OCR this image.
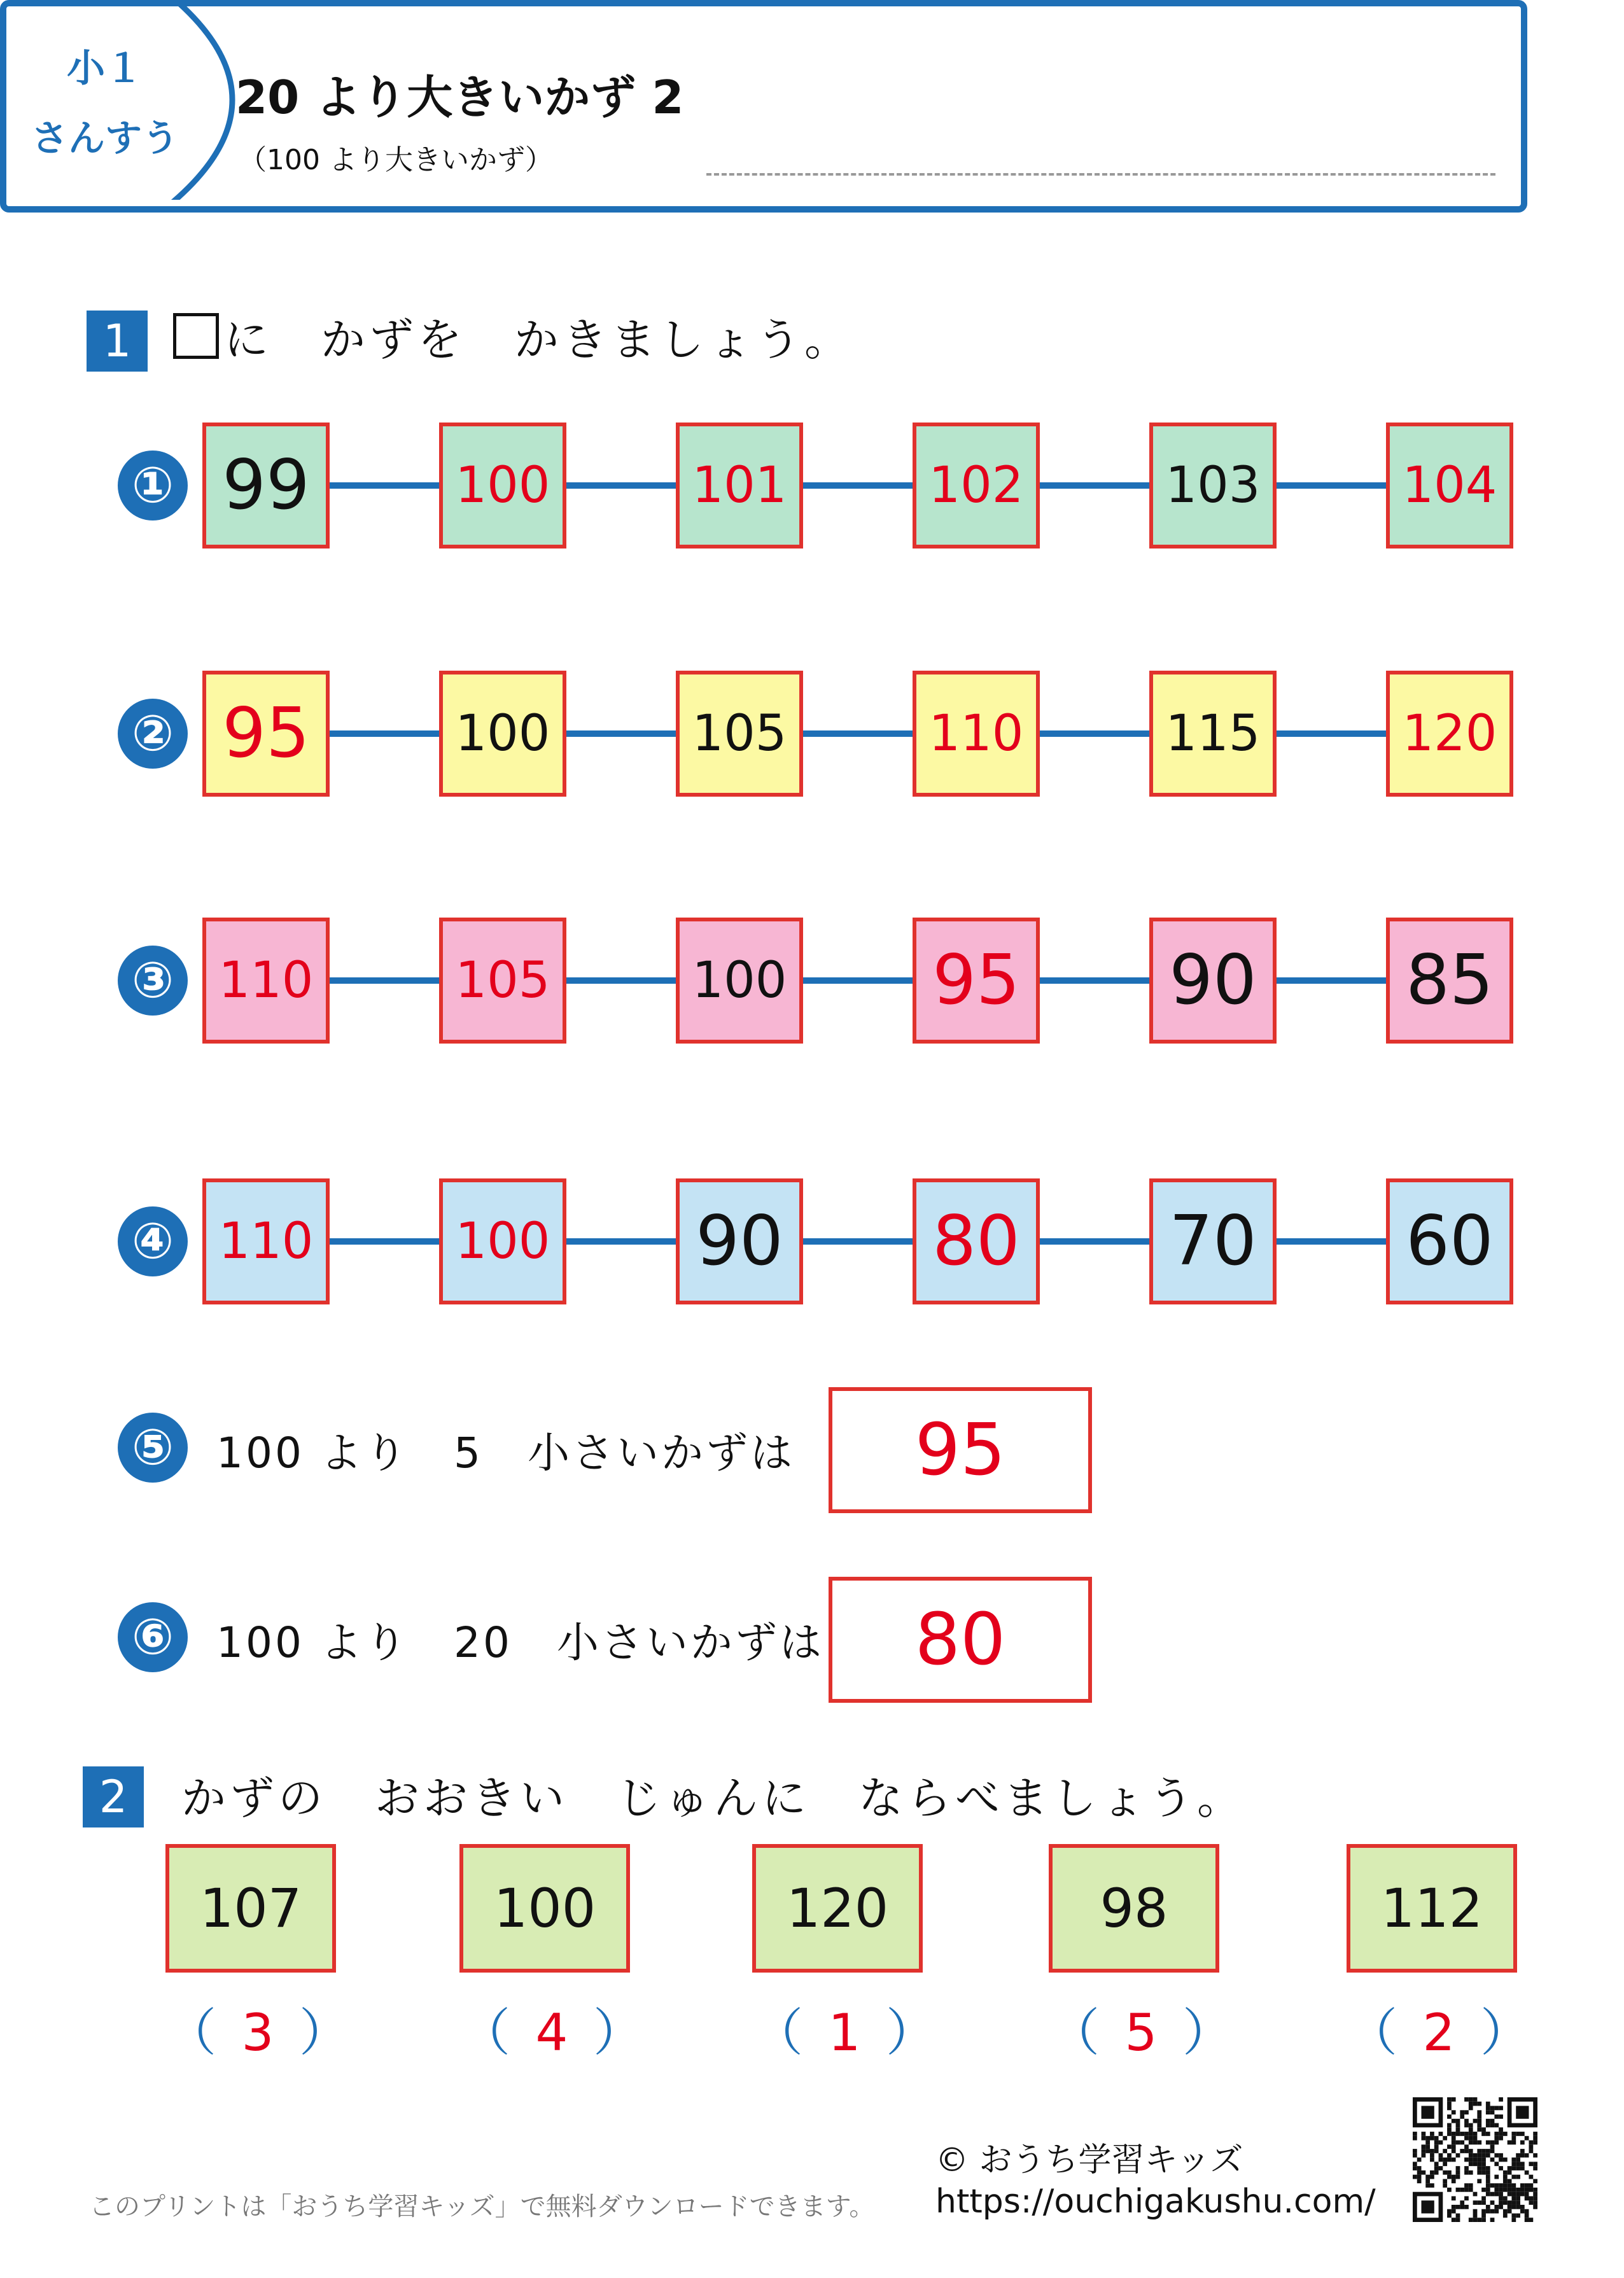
小１
さんすう
20 より大きいかず 2
（100 より大きいかず）
1	に　かずを　かきましょう。
① 99	100	101	102	103	104
② 95	100	105	110	115	120
③ 110	105	100 95 90 85
④ 110	100 90 80 70 60
⑤	100 より　5　小さいかずは	95
⑥	100 より　20　小さいかずは	80
2	かずの　おおきい　じゅんに　ならべましょう。
107
（ 3 ）
100
（ 4 ）
120
（ 1 ）
98
（ 5 ）
112
（ 2 ）
このプリントは「おうち学習キッズ」で無料ダウンロードできます。
© おうち学習キッズ
https://ouchigakushu.com/
